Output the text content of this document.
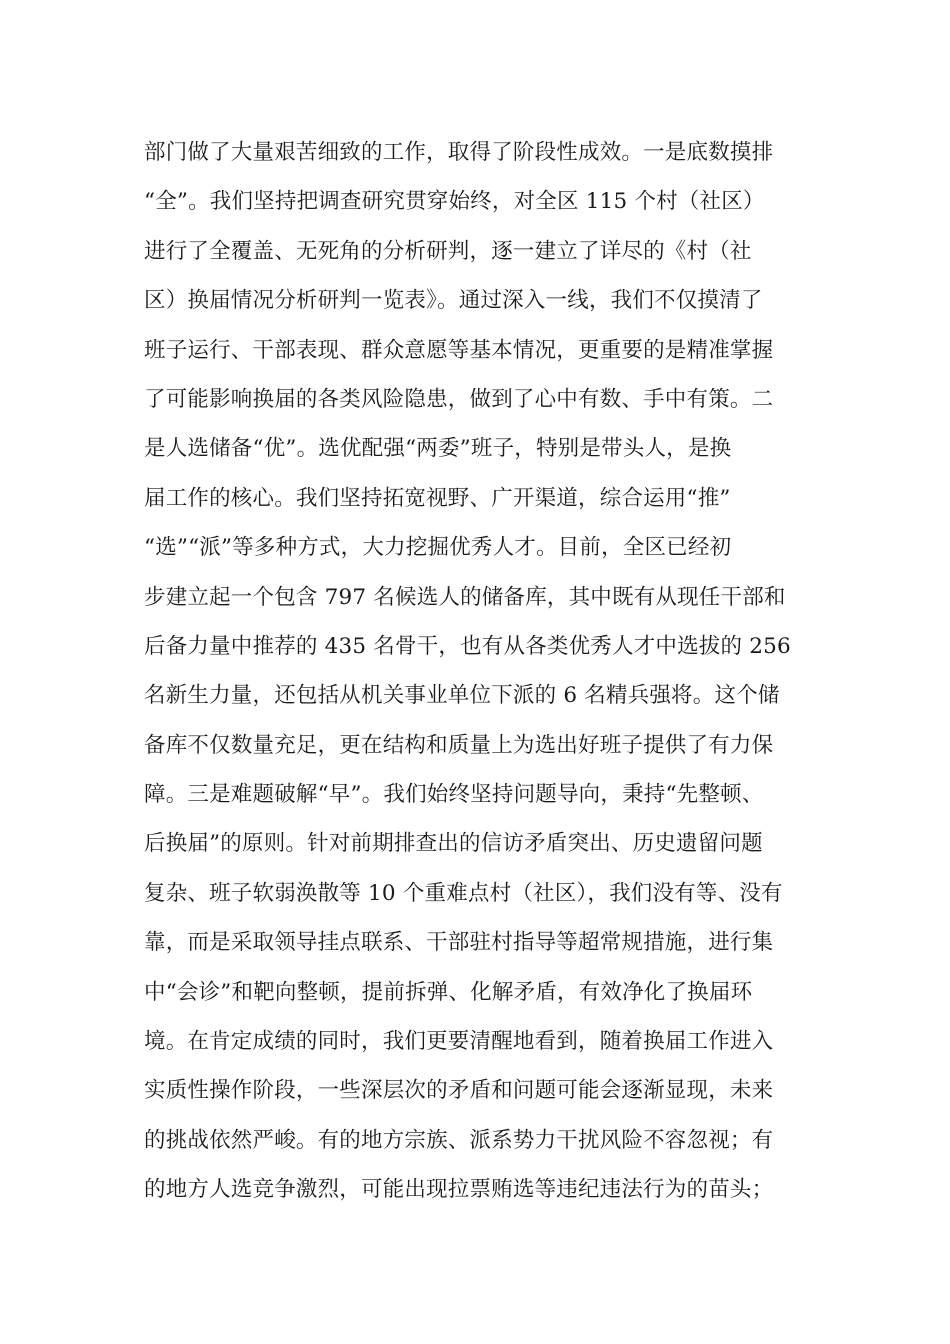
部门做了大量艰苦细致的工作，取得了阶段性成效。一是底数摸排
“全”。我们坚持把调查研究贯穿始终，对全区 115 个村（社区）
进行了全覆盖、无死角的分析研判，逐一建立了详尽的《村（社
区）换届情况分析研判一览表》。通过深入一线，我们不仅摸清了
班子运行、干部表现、群众意愿等基本情况，更重要的是精准掌握
了可能影响换届的各类风险隐患，做到了心中有数、手中有策。二
是人选储备“优”。选优配强“两委”班子，特别是带头人，是换
届工作的核心。我们坚持拓宽视野、广开渠道，综合运用“推”
“选”“派”等多种方式，大力挖掘优秀人才。目前，全区已经初
步建立起一个包含 797 名候选人的储备库，其中既有从现任干部和
后备力量中推荐的 435 名骨干，也有从各类优秀人才中选拔的 256
名新生力量，还包括从机关事业单位下派的 6 名精兵强将。这个储
备库不仅数量充足，更在结构和质量上为选出好班子提供了有力保
障。三是难题破解“早”。我们始终坚持问题导向，秉持“先整顿、
后换届”的原则。针对前期排查出的信访矛盾突出、历史遗留问题
复杂、班子软弱涣散等 10 个重难点村（社区），我们没有等、没有
靠，而是采取领导挂点联系、干部驻村指导等超常规措施，进行集
中“会诊”和靶向整顿，提前拆弹、化解矛盾，有效净化了换届环
境。在肯定成绩的同时，我们更要清醒地看到，随着换届工作进入
实质性操作阶段，一些深层次的矛盾和问题可能会逐渐显现，未来
的挑战依然严峻。有的地方宗族、派系势力干扰风险不容忽视；有
的地方人选竞争激烈，可能出现拉票贿选等违纪违法行为的苗头；
